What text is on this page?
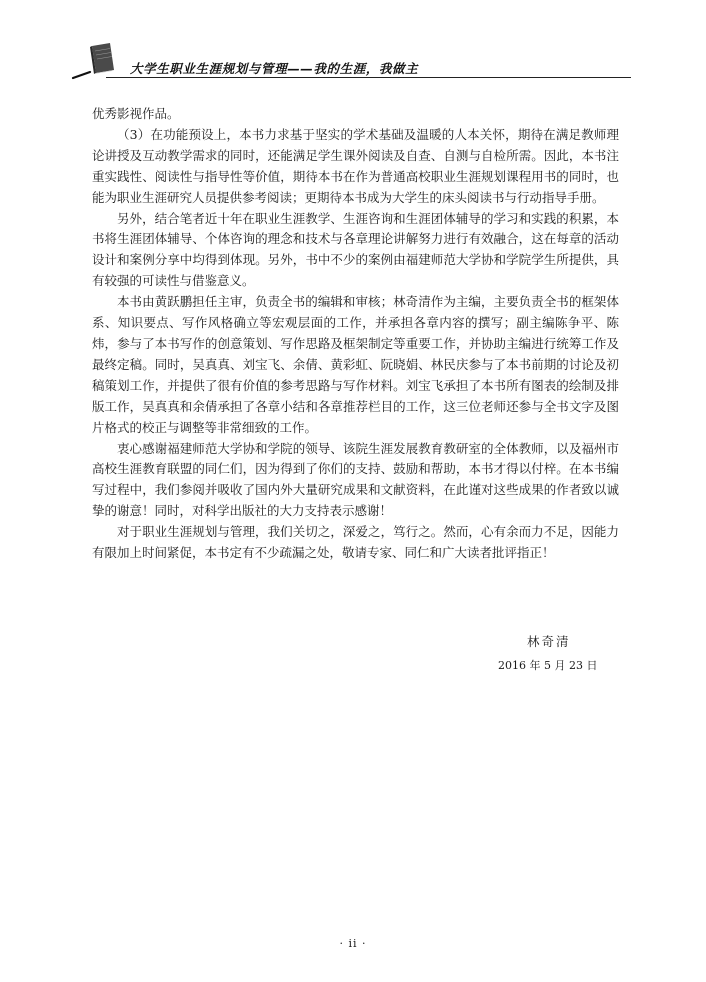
大学生职业生涯规划与管理——我的生涯，我做主

优秀影视作品。

（3）在功能预设上，本书力求基于坚实的学术基础及温暖的人本关怀，期待在满足教师理论讲授及互动教学需求的同时，还能满足学生课外阅读及自查、自测与自检所需。因此，本书注重实践性、阅读性与指导性等价值，期待本书在作为普通高校职业生涯规划课程用书的同时，也能为职业生涯研究人员提供参考阅读；更期待本书成为大学生的床头阅读书与行动指导手册。

另外，结合笔者近十年在职业生涯教学、生涯咨询和生涯团体辅导的学习和实践的积累，本书将生涯团体辅导、个体咨询的理念和技术与各章理论讲解努力进行有效融合，这在每章的活动设计和案例分享中均得到体现。另外，书中不少的案例由福建师范大学协和学院学生所提供，具有较强的可读性与借鉴意义。

本书由黄跃鹏担任主审，负责全书的编辑和审核；林奇清作为主编，主要负责全书的框架体系、知识要点、写作风格确立等宏观层面的工作，并承担各章内容的撰写；副主编陈争平、陈炜，参与了本书写作的创意策划、写作思路及框架制定等重要工作，并协助主编进行统筹工作及最终定稿。同时，吴真真、刘宝飞、余倩、黄彩虹、阮晓娟、林民庆参与了本书前期的讨论及初稿策划工作，并提供了很有价值的参考思路与写作材料。刘宝飞承担了本书所有图表的绘制及排版工作，吴真真和余倩承担了各章小结和各章推荐栏目的工作，这三位老师还参与全书文字及图片格式的校正与调整等非常细致的工作。

衷心感谢福建师范大学协和学院的领导、该院生涯发展教育教研室的全体教师，以及福州市高校生涯教育联盟的同仁们，因为得到了你们的支持、鼓励和帮助，本书才得以付梓。在本书编写过程中，我们参阅并吸收了国内外大量研究成果和文献资料，在此谨对这些成果的作者致以诚挚的谢意！同时，对科学出版社的大力支持表示感谢！

对于职业生涯规划与管理，我们关切之，深爱之，笃行之。然而，心有余而力不足，因能力有限加上时间紧促，本书定有不少疏漏之处，敬请专家、同仁和广大读者批评指正！

林奇清
2016 年 5 月 23 日
· ii ·
